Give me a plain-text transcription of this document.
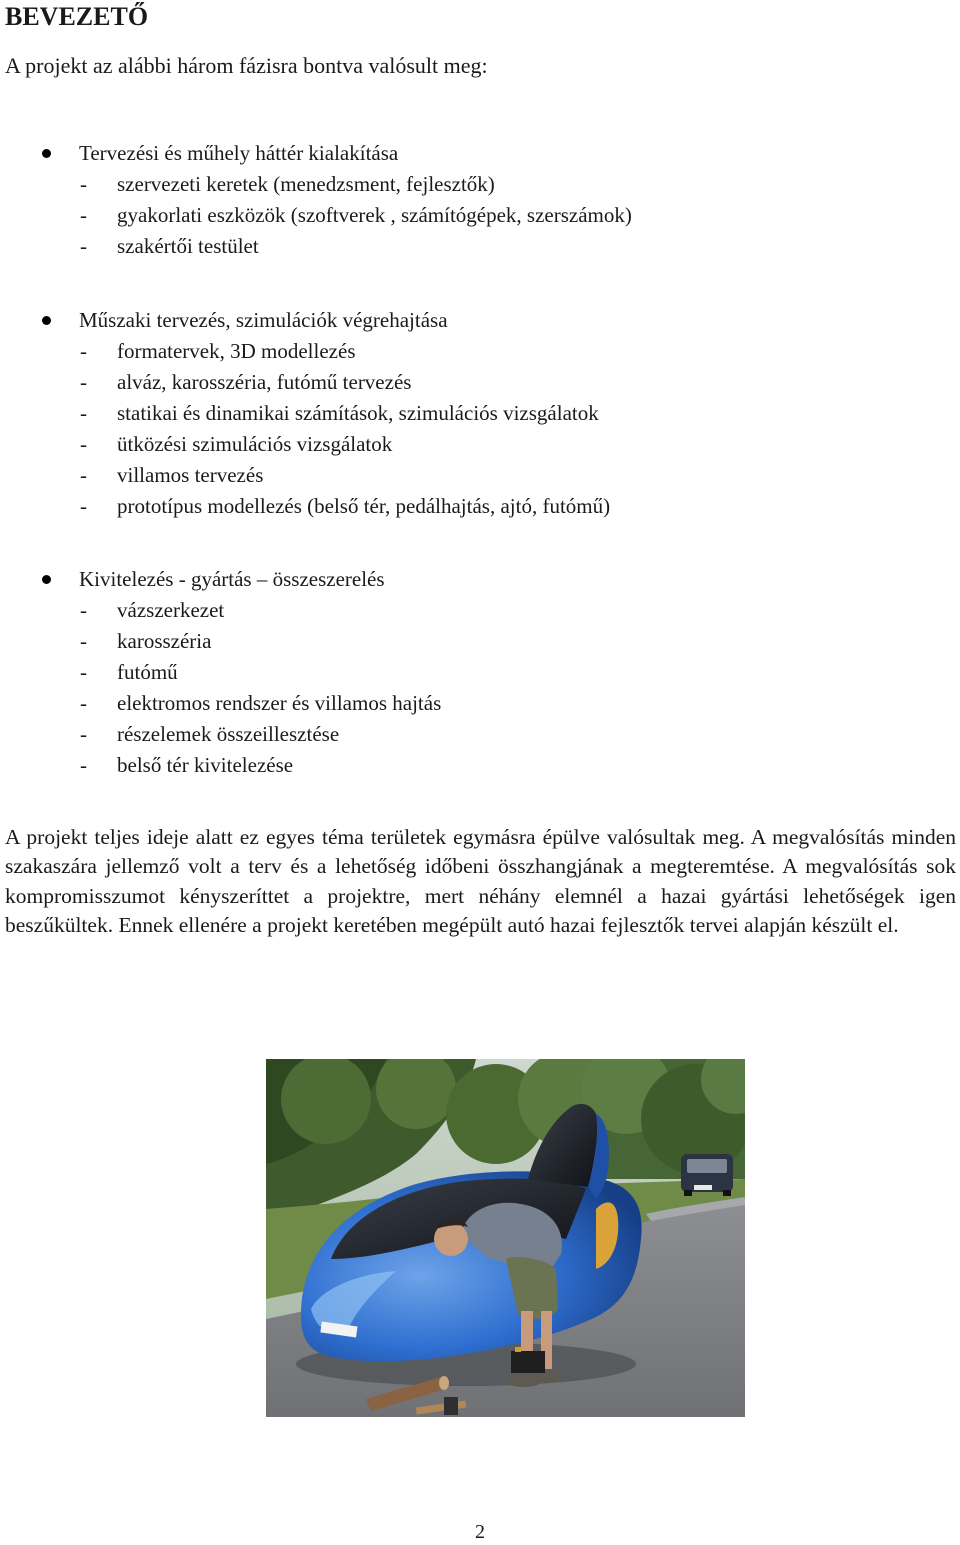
BEVEZETŐ

A projekt az alábbi három fázisra bontva valósult meg:

Tervezési és műhely háttér kialakítása
- szervezeti keretek (menedzsment, fejlesztők)
- gyakorlati eszközök (szoftverek , számítógépek, szerszámok)
- szakértői testület
Műszaki tervezés, szimulációk végrehajtása
- formatervek, 3D modellezés
- alváz, karosszéria, futómű tervezés
- statikai és dinamikai számítások, szimulációs vizsgálatok
- ütközési szimulációs vizsgálatok
- villamos tervezés
- prototípus modellezés (belső tér, pedálhajtás, ajtó, futómű)
Kivitelezés - gyártás – összeszerelés
- vázszerkezet
- karosszéria
- futómű
- elektromos rendszer és villamos hajtás
- részelemek összeillesztése
- belső tér kivitelezése

A projekt teljes ideje alatt ez egyes téma területek egymásra épülve valósultak meg. A megvalósítás minden szakaszára jellemző volt a terv és a lehetőség időbeni összhangjának a megteremtése. A megvalósítás sok kompromisszumot kényszeríttet a projektre, mert néhány elemnél a hazai gyártási lehetőségek igen beszűkültek. Ennek ellenére a projekt keretében megépült autó hazai fejlesztők tervei alapján készült el.

2
